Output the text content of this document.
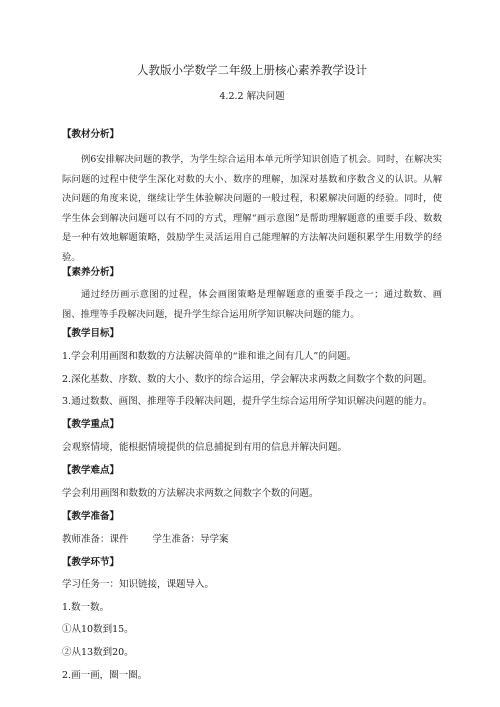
人教版小学数学二年级上册核心素养教学设计
4.2.2 解决问题
【教材分析】

例6安排解决问题的教学，为学生综合运用本单元所学知识创造了机会。同时，在解决实际问题的过程中使学生深化对数的大小、数序的理解，加深对基数和序数含义的认识。从解决问题的角度来说，继续让学生体验解决问题的一般过程，积累解决问题的经验。同时，使学生体会到解决问题可以有不同的方式，理解“画示意图”是帮助理解题意的重要手段、数数是一种有效地解题策略，鼓励学生灵活运用自己能理解的方法解决问题积累学生用数学的经验。

【素养分析】

通过经历画示意图的过程，体会画图策略是理解题意的重要手段之一；通过数数、画图、推理等手段解决问题，提升学生综合运用所学知识解决问题的能力。

【教学目标】

1.学会利用画图和数数的方法解决简单的“谁和谁之间有几人”的问题。

2.深化基数、序数、数的大小、数序的综合运用，学会解决求两数之间数字个数的问题。

3.通过数数、画图、推理等手段解决问题，提升学生综合运用所学知识解决问题的能力。

【教学重点】

会观察情境，能根据情境提供的信息捕捉到有用的信息并解决问题。

【教学难点】

学会利用画图和数数的方法解决求两数之间数字个数的问题。

【教学准备】

教师准备：课件	学生准备：导学案

【教学环节】

学习任务一：知识链接，课题导入。

1.数一数。

①从10数到15。

②从13数到20。

2.画一画，圈一圈。
